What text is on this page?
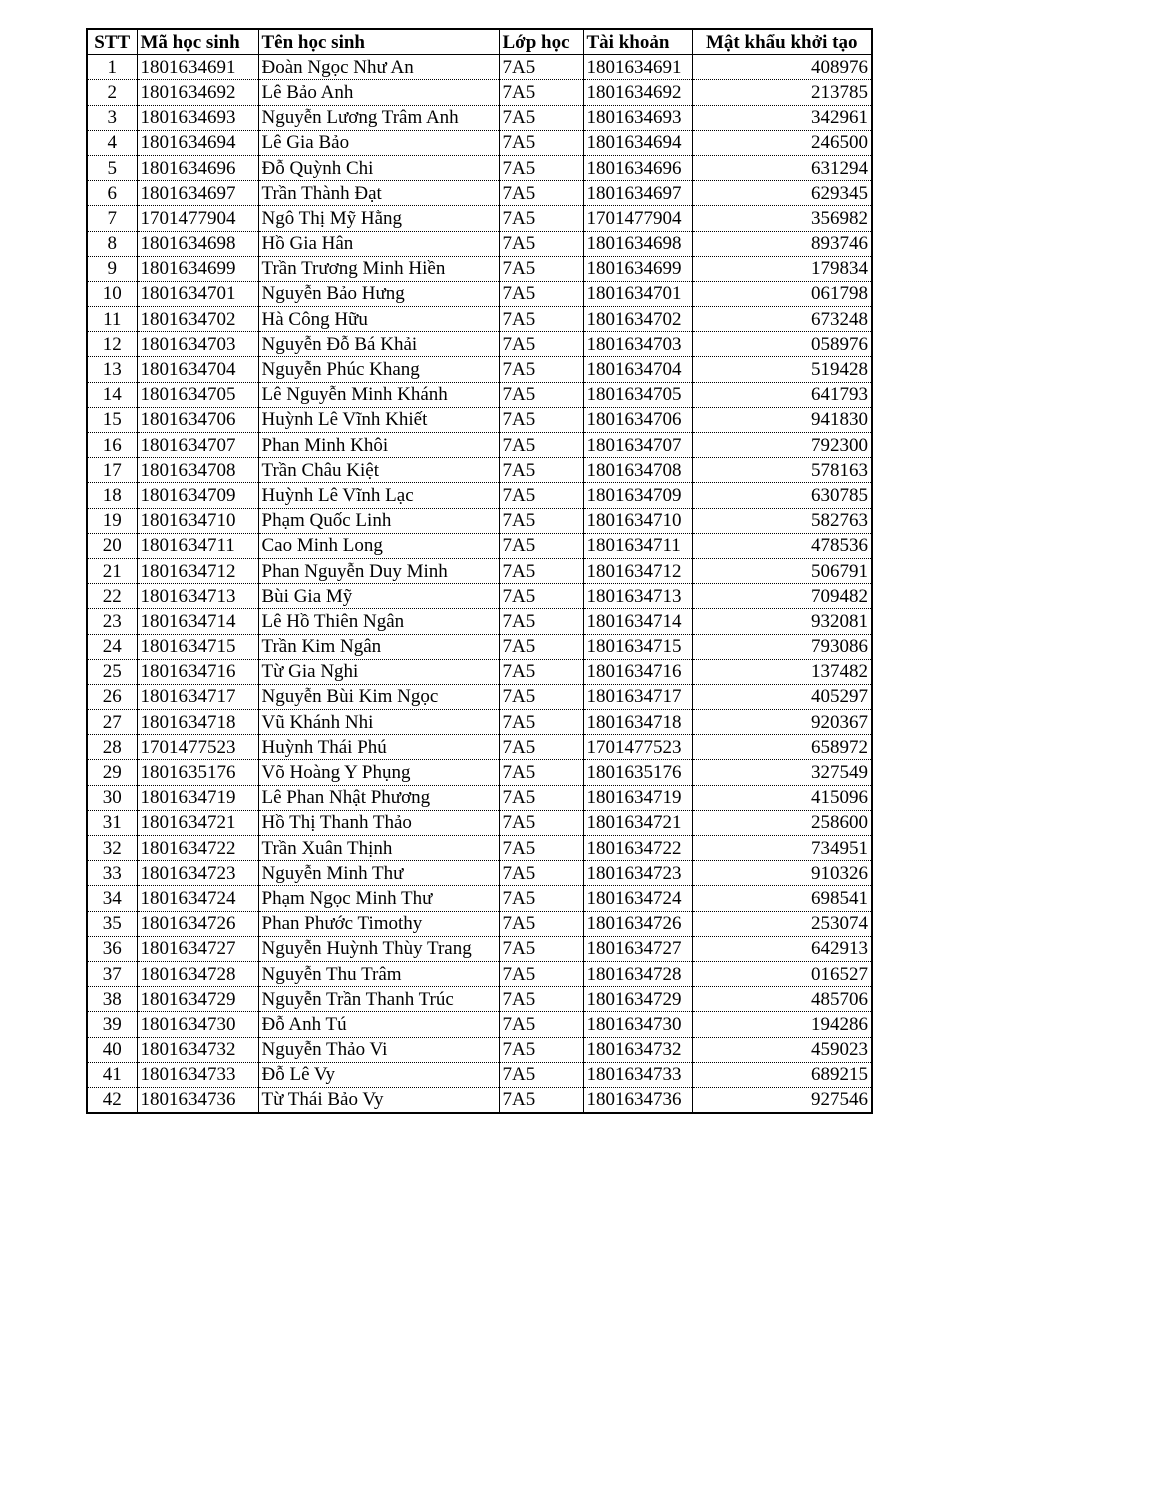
STT	Mã học sinh	Tên học sinh	Lớp học	Tài khoản	Mật khẩu khởi tạo
1	1801634691	Đoàn Ngọc Như An	7A5	1801634691	408976
2	1801634692	Lê Bảo Anh	7A5	1801634692	213785
3	1801634693	Nguyễn Lương Trâm Anh	7A5	1801634693	342961
4	1801634694	Lê Gia Bảo	7A5	1801634694	246500
5	1801634696	Đỗ Quỳnh Chi	7A5	1801634696	631294
6	1801634697	Trần Thành Đạt	7A5	1801634697	629345
7	1701477904	Ngô Thị Mỹ Hằng	7A5	1701477904	356982
8	1801634698	Hồ Gia Hân	7A5	1801634698	893746
9	1801634699	Trần Trương Minh Hiền	7A5	1801634699	179834
10	1801634701	Nguyễn Bảo Hưng	7A5	1801634701	061798
11	1801634702	Hà Công Hữu	7A5	1801634702	673248
12	1801634703	Nguyễn Đỗ Bá Khải	7A5	1801634703	058976
13	1801634704	Nguyễn Phúc Khang	7A5	1801634704	519428
14	1801634705	Lê Nguyễn Minh Khánh	7A5	1801634705	641793
15	1801634706	Huỳnh Lê Vĩnh Khiết	7A5	1801634706	941830
16	1801634707	Phan Minh Khôi	7A5	1801634707	792300
17	1801634708	Trần Châu Kiệt	7A5	1801634708	578163
18	1801634709	Huỳnh Lê Vĩnh Lạc	7A5	1801634709	630785
19	1801634710	Phạm Quốc Linh	7A5	1801634710	582763
20	1801634711	Cao Minh Long	7A5	1801634711	478536
21	1801634712	Phan Nguyễn Duy Minh	7A5	1801634712	506791
22	1801634713	Bùi Gia Mỹ	7A5	1801634713	709482
23	1801634714	Lê Hồ Thiên Ngân	7A5	1801634714	932081
24	1801634715	Trần Kim Ngân	7A5	1801634715	793086
25	1801634716	Từ Gia Nghi	7A5	1801634716	137482
26	1801634717	Nguyễn Bùi Kim Ngọc	7A5	1801634717	405297
27	1801634718	Vũ Khánh Nhi	7A5	1801634718	920367
28	1701477523	Huỳnh Thái Phú	7A5	1701477523	658972
29	1801635176	Võ Hoàng Y Phụng	7A5	1801635176	327549
30	1801634719	Lê Phan Nhật Phương	7A5	1801634719	415096
31	1801634721	Hồ Thị Thanh Thảo	7A5	1801634721	258600
32	1801634722	Trần Xuân Thịnh	7A5	1801634722	734951
33	1801634723	Nguyễn Minh Thư	7A5	1801634723	910326
34	1801634724	Phạm Ngọc Minh Thư	7A5	1801634724	698541
35	1801634726	Phan Phước Timothy	7A5	1801634726	253074
36	1801634727	Nguyễn Huỳnh Thùy Trang	7A5	1801634727	642913
37	1801634728	Nguyễn Thu Trâm	7A5	1801634728	016527
38	1801634729	Nguyễn Trần Thanh Trúc	7A5	1801634729	485706
39	1801634730	Đỗ Anh Tú	7A5	1801634730	194286
40	1801634732	Nguyễn Thảo Vi	7A5	1801634732	459023
41	1801634733	Đỗ Lê Vy	7A5	1801634733	689215
42	1801634736	Từ Thái Bảo Vy	7A5	1801634736	927546
